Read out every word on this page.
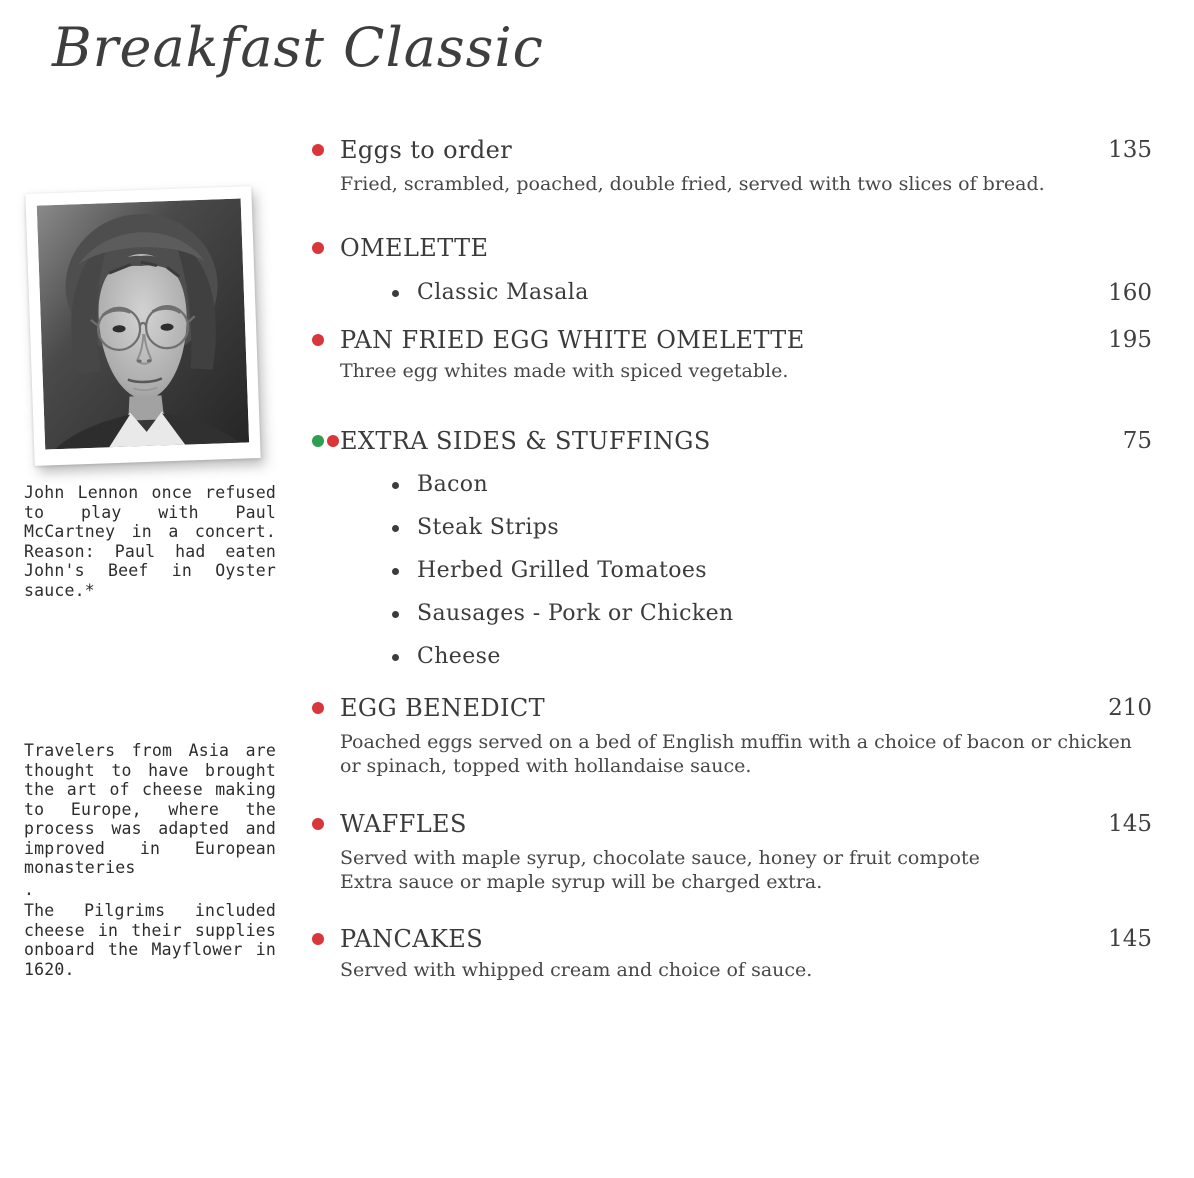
Breakfast Classic

John Lennon once refused to play with Paul McCartney in a concert. Reason: Paul had eaten John's Beef in Oyster sauce.*

Travelers from Asia are thought to have brought the art of cheese making to Europe, where the process was adapted and improved in European monasteries

.

The Pilgrims included cheese in their supplies onboard the Mayflower in 1620.

Eggs to order	135
Fried, scrambled, poached, double fried, served with two slices of bread.
OMELETTE
Classic Masala	160
PAN FRIED EGG WHITE OMELETTE	195
Three egg whites made with spiced vegetable.
EXTRA SIDES & STUFFINGS	75
Bacon
Steak Strips
Herbed Grilled Tomatoes
Sausages - Pork or Chicken
Cheese
EGG BENEDICT	210
Poached eggs served on a bed of English muffin with a choice of bacon or chicken
or spinach, topped with hollandaise sauce.
WAFFLES	145
Served with maple syrup, chocolate sauce, honey or fruit compote
Extra sauce or maple syrup will be charged extra.
PANCAKES	145
Served with whipped cream and choice of sauce.
